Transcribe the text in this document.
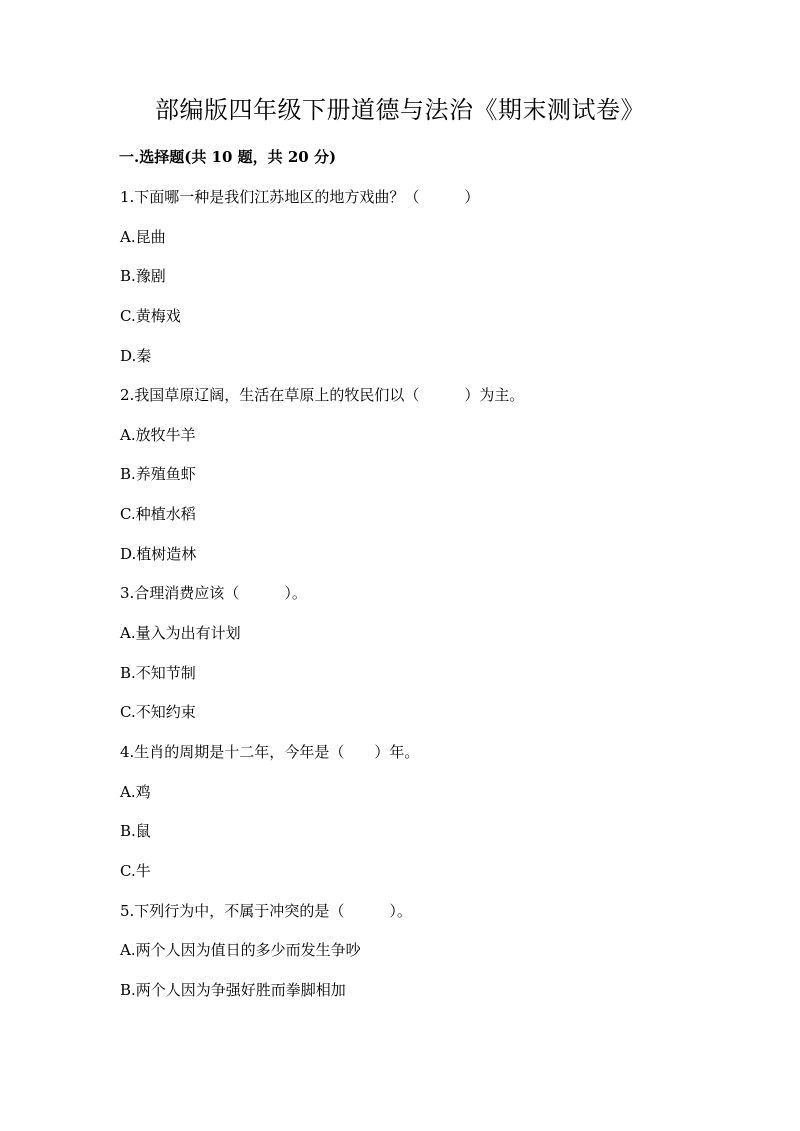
部编版四年级下册道德与法治《期末测试卷》
一.选择题(共 10 题，共 20 分)
1.下面哪一种是我们江苏地区的地方戏曲？（　　　）
A.昆曲
B.豫剧
C.黄梅戏
D.秦
2.我国草原辽阔，生活在草原上的牧民们以（　　　）为主。
A.放牧牛羊
B.养殖鱼虾
C.种植水稻
D.植树造林
3.合理消费应该（　　　）。
A.量入为出有计划
B.不知节制
C.不知约束
4.生肖的周期是十二年，今年是（　　）年。
A.鸡
B.鼠
C.牛
5.下列行为中，不属于冲突的是（　　　）。
A.两个人因为值日的多少而发生争吵
B.两个人因为争强好胜而拳脚相加
